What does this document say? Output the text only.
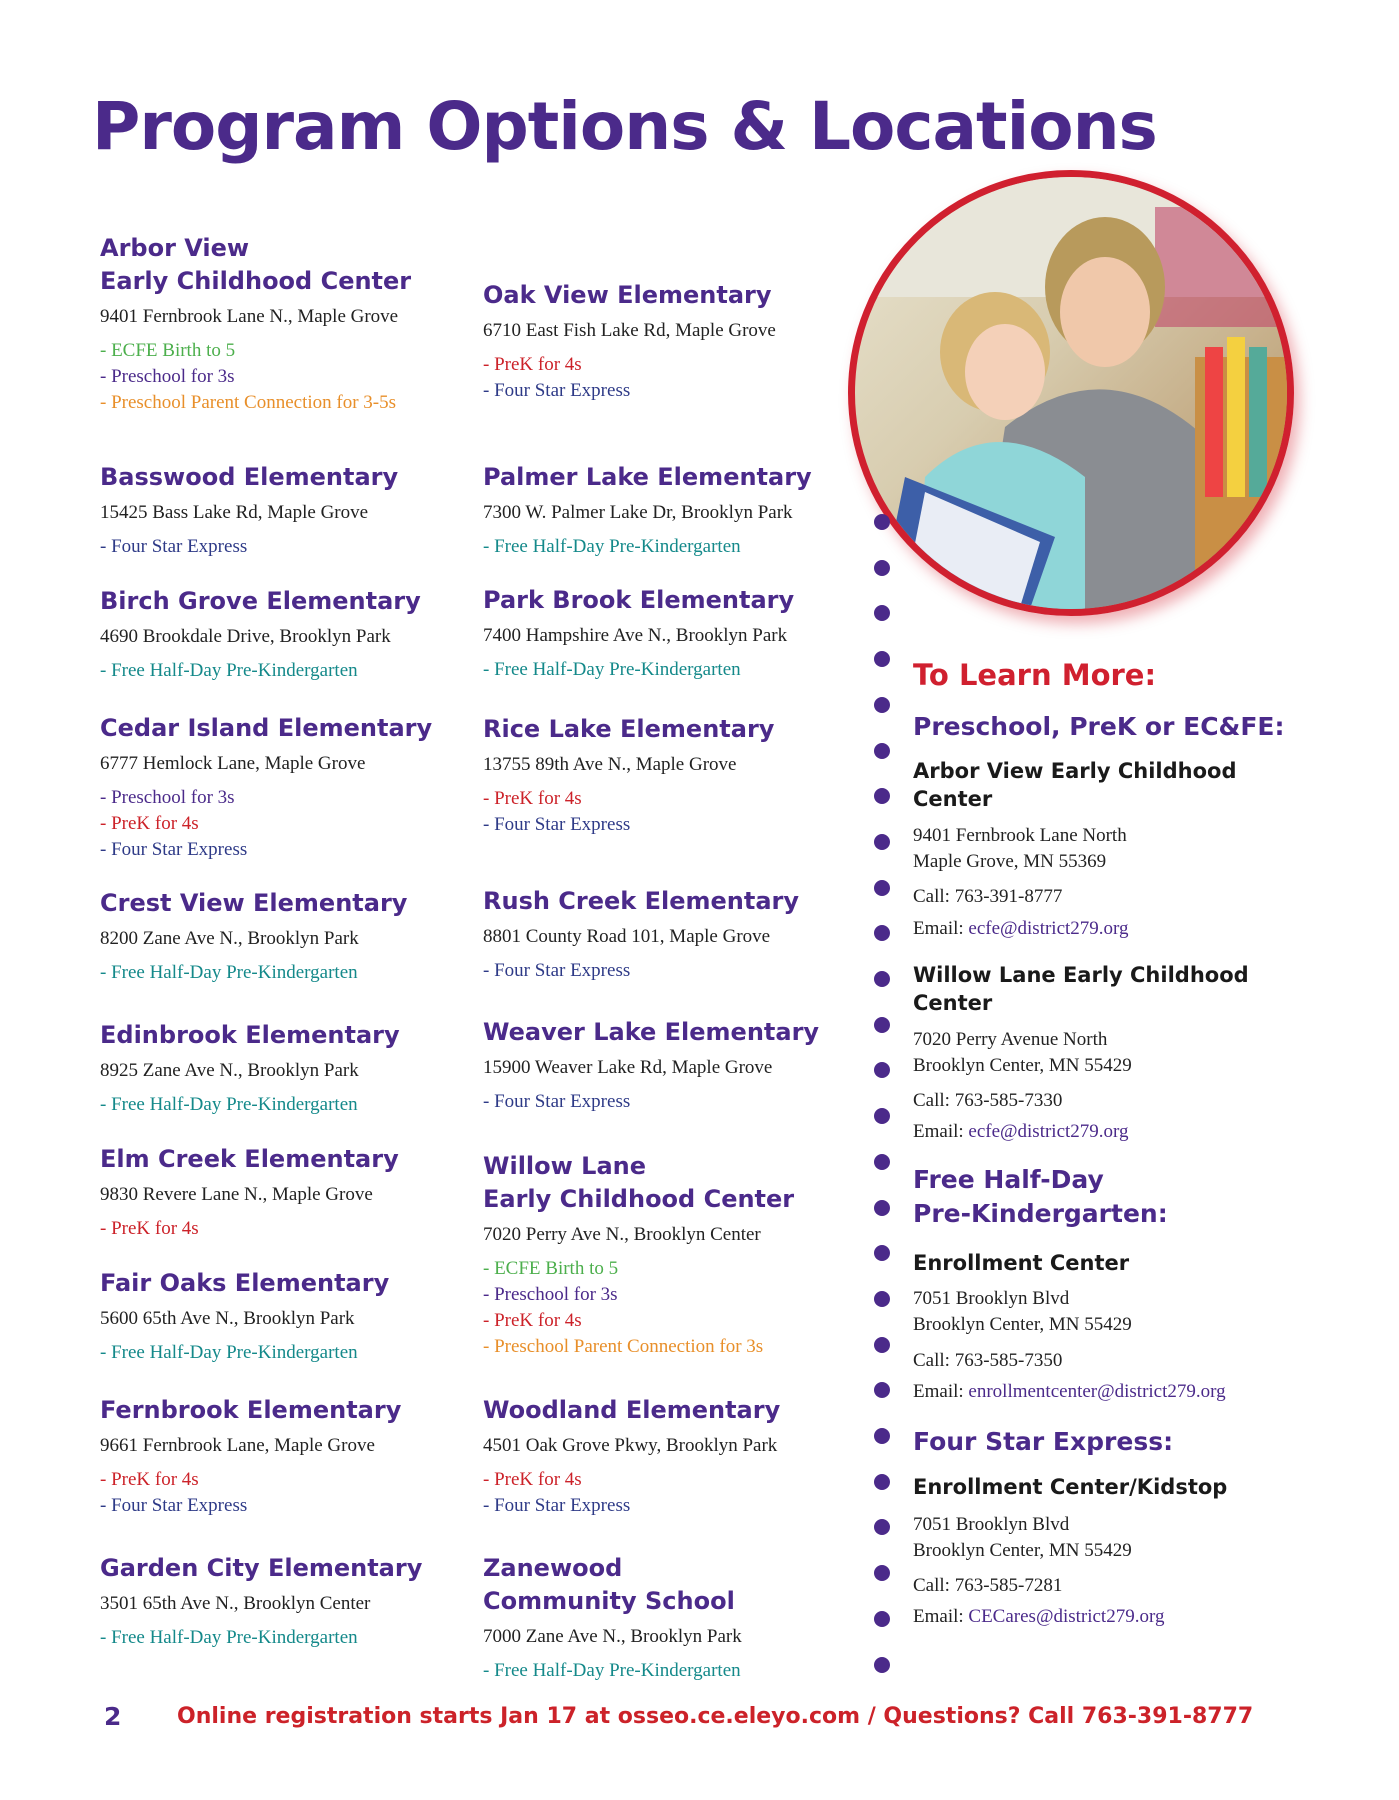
Program Options & Locations
Arbor View
Early Childhood Center
9401 Fernbrook Lane N., Maple Grove
- ECFE Birth to 5
- Preschool for 3s
- Preschool Parent Connection for 3-5s
Basswood Elementary
15425 Bass Lake Rd, Maple Grove
- Four Star Express
Birch Grove Elementary
4690 Brookdale Drive, Brooklyn Park
- Free Half-Day Pre-Kindergarten
Cedar Island Elementary
6777 Hemlock Lane, Maple Grove
- Preschool for 3s
- PreK for 4s
- Four Star Express
Crest View Elementary
8200 Zane Ave N., Brooklyn Park
- Free Half-Day Pre-Kindergarten
Edinbrook Elementary
8925 Zane Ave N., Brooklyn Park
- Free Half-Day Pre-Kindergarten
Elm Creek Elementary
9830 Revere Lane N., Maple Grove
- PreK for 4s
Fair Oaks Elementary
5600 65th Ave N., Brooklyn Park
- Free Half-Day Pre-Kindergarten
Fernbrook Elementary
9661 Fernbrook Lane, Maple Grove
- PreK for 4s
- Four Star Express
Garden City Elementary
3501 65th Ave N., Brooklyn Center
- Free Half-Day Pre-Kindergarten
Oak View Elementary
6710 East Fish Lake Rd, Maple Grove
- PreK for 4s
- Four Star Express
Palmer Lake Elementary
7300 W. Palmer Lake Dr, Brooklyn Park
- Free Half-Day Pre-Kindergarten
Park Brook Elementary
7400 Hampshire Ave N., Brooklyn Park
- Free Half-Day Pre-Kindergarten
Rice Lake Elementary
13755 89th Ave N., Maple Grove
- PreK for 4s
- Four Star Express
Rush Creek Elementary
8801 County Road 101, Maple Grove
- Four Star Express
Weaver Lake Elementary
15900 Weaver Lake Rd, Maple Grove
- Four Star Express
Willow Lane
Early Childhood Center
7020 Perry Ave N., Brooklyn Center
- ECFE Birth to 5
- Preschool for 3s
- PreK for 4s
- Preschool Parent Connection for 3s
Woodland Elementary
4501 Oak Grove Pkwy, Brooklyn Park
- PreK for 4s
- Four Star Express
Zanewood
Community School
7000 Zane Ave N., Brooklyn Park
- Free Half-Day Pre-Kindergarten
To Learn More:
Preschool, PreK or EC&FE:
Arbor View Early Childhood Center
9401 Fernbrook Lane North
Maple Grove, MN 55369
Call: 763-391-8777
Email: ecfe@district279.org
Willow Lane Early Childhood Center
7020 Perry Avenue North
Brooklyn Center, MN 55429
Call: 763-585-7330
Email: ecfe@district279.org
Free Half-Day
Pre-Kindergarten:
Enrollment Center
7051 Brooklyn Blvd
Brooklyn Center, MN 55429
Call: 763-585-7350
Email: enrollmentcenter@district279.org
Four Star Express:
Enrollment Center/Kidstop
7051 Brooklyn Blvd
Brooklyn Center, MN 55429
Call: 763-585-7281
Email: CECares@district279.org
2	Online registration starts Jan 17 at osseo.ce.eleyo.com / Questions? Call 763-391-8777
